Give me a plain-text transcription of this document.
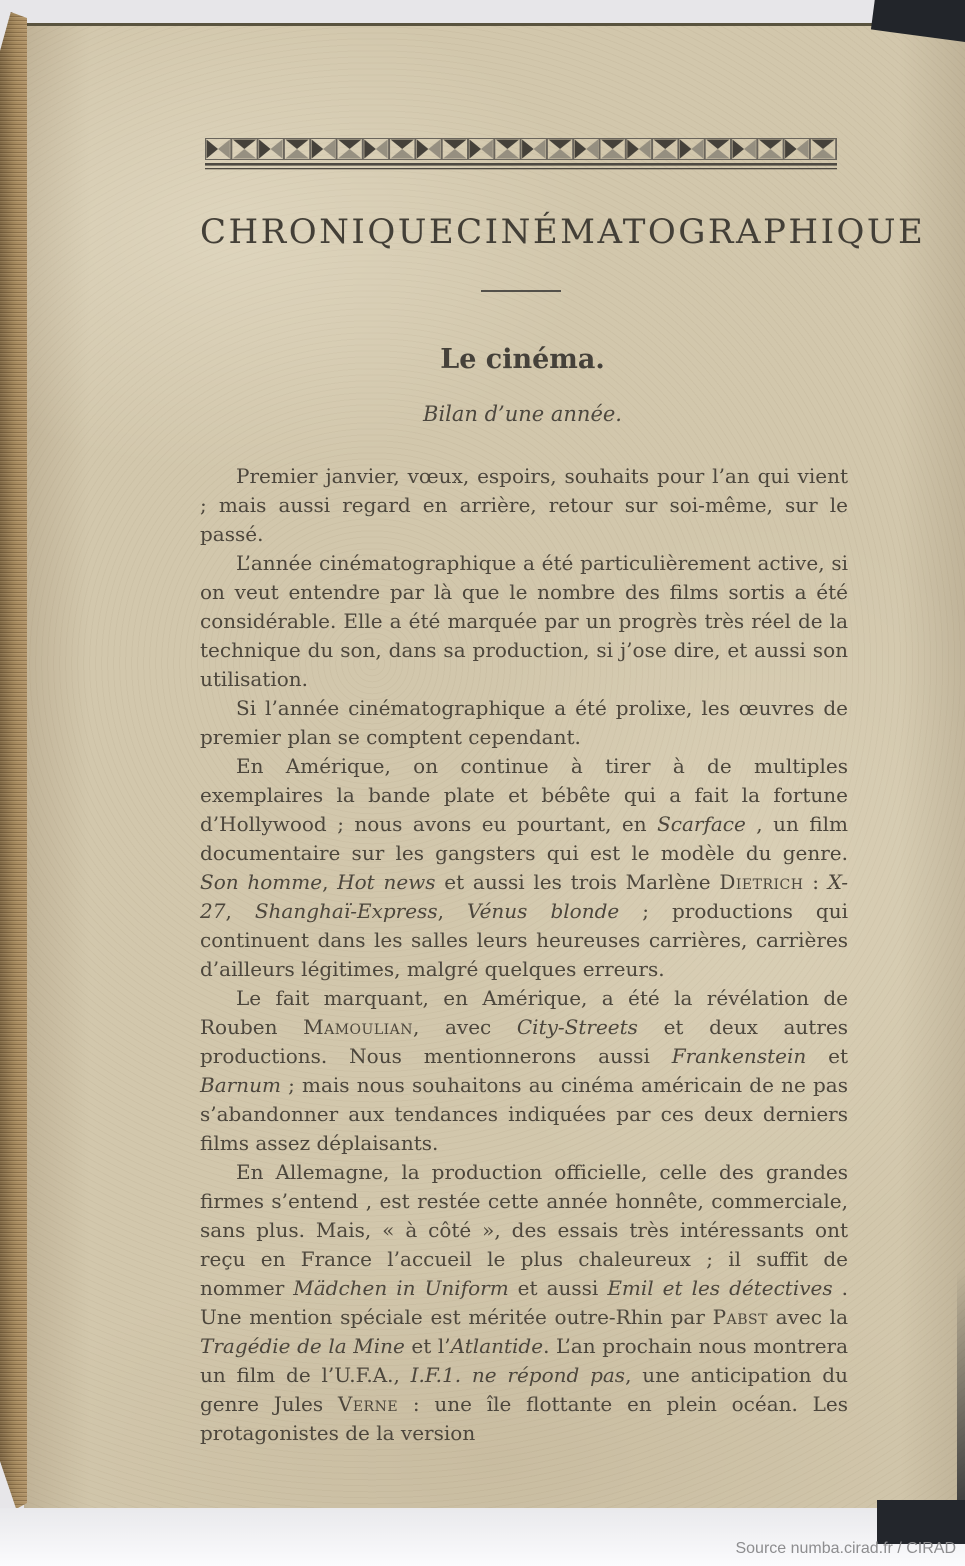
CHRONIQUE CINÉMATOGRAPHIQUE
Le cinéma.
Bilan d’une année.

Premier janvier, vœux, espoirs, souhaits pour l’an qui vient ; mais aussi regard en arrière, retour sur soi-même, sur le passé.

L’année cinématographique a été particulièrement active, si on veut entendre par là que le nombre des films sortis a été considérable. Elle a été marquée par un progrès très réel de la technique du son, dans sa production, si j’ose dire, et aussi son utilisation.

Si l’année cinématographique a été prolixe, les œuvres de premier plan se comptent cependant.

En Amérique, on continue à tirer à de multiples exemplaires la bande plate et bébête qui a fait la fortune d’Hollywood ; nous avons eu pourtant, en Scarface , un film documentaire sur les gangsters qui est le modèle du genre. Son homme, Hot news et aussi les trois Marlène Dietrich : X-27, Shanghaï-Express, Vénus blonde ; productions qui continuent dans les salles leurs heureuses carrières, carrières d’ailleurs légitimes, malgré quelques erreurs.

Le fait marquant, en Amérique, a été la révélation de Rouben Mamoulian, avec City-Streets et deux autres productions. Nous mentionnerons aussi Frankenstein et Barnum ; mais nous souhaitons au cinéma américain de ne pas s’abandonner aux tendances indiquées par ces deux derniers films assez déplaisants.

En Allemagne, la production officielle, celle des grandes firmes s’entend , est restée cette année honnête, commerciale, sans plus. Mais, « à côté », des essais très intéressants ont reçu en France l’accueil le plus chaleureux ; il suffit de nommer Mädchen in Uniform et aussi Emil et les détectives . Une mention spéciale est méritée outre-Rhin par Pabst avec la Tragédie de la Mine et l’Atlantide. L’an prochain nous montrera un film de l’U.F.A., I.F.1. ne répond pas, une anticipation du genre Jules Verne : une île flottante en plein océan. Les protagonistes de la version

Source numba.cirad.fr / CIRAD
